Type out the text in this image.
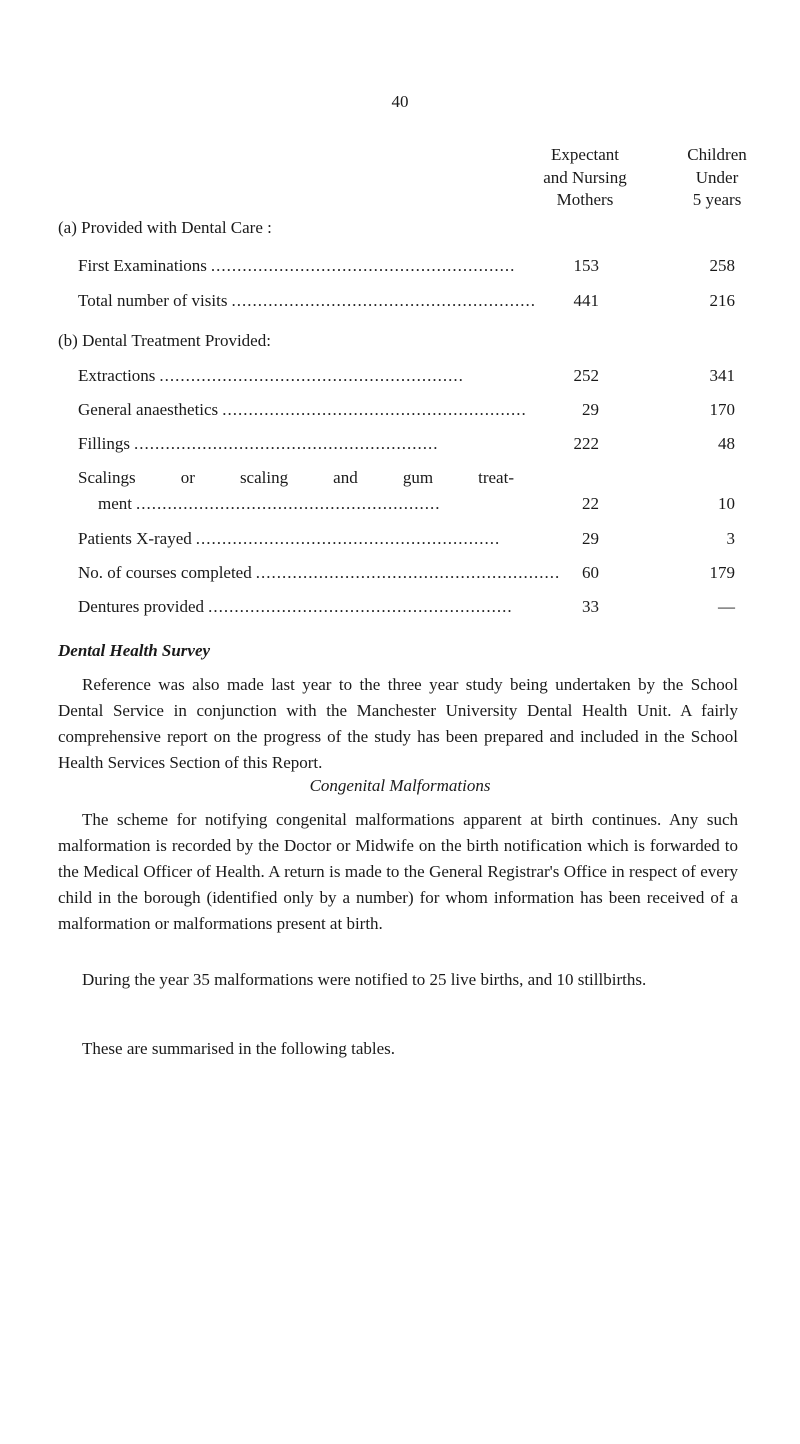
40
Expectant
and Nursing
Mothers
Children
Under
5 years
(a) Provided with Dental Care :
First Examinations ..........................................................	153	258
Total number of visits ..........................................................	441	216
(b) Dental Treatment Provided:
Extractions ..........................................................	252	341
General anaesthetics ..........................................................	29	170
Fillings ..........................................................	222	48
Scalings or scaling and gum treat-
ment ..........................................................	22	10
Patients X-rayed ..........................................................	29	3
No. of courses completed ..........................................................	60	179
Dentures provided ..........................................................	33	—
Dental Health Survey
Reference was also made last year to the three year study being undertaken by the School Dental Service in conjunction with the Manchester University Dental Health Unit. A fairly comprehensive report on the progress of the study has been prepared and included in the School Health Services Section of this Report.
Congenital Malformations
The scheme for notifying congenital malformations apparent at birth continues. Any such malformation is recorded by the Doctor or Midwife on the birth notification which is forwarded to the Medical Officer of Health. A return is made to the General Registrar's Office in respect of every child in the borough (identified only by a number) for whom information has been received of a malformation or malformations present at birth.
During the year 35 malformations were notified to 25 live births, and 10 stillbirths.
These are summarised in the following tables.
